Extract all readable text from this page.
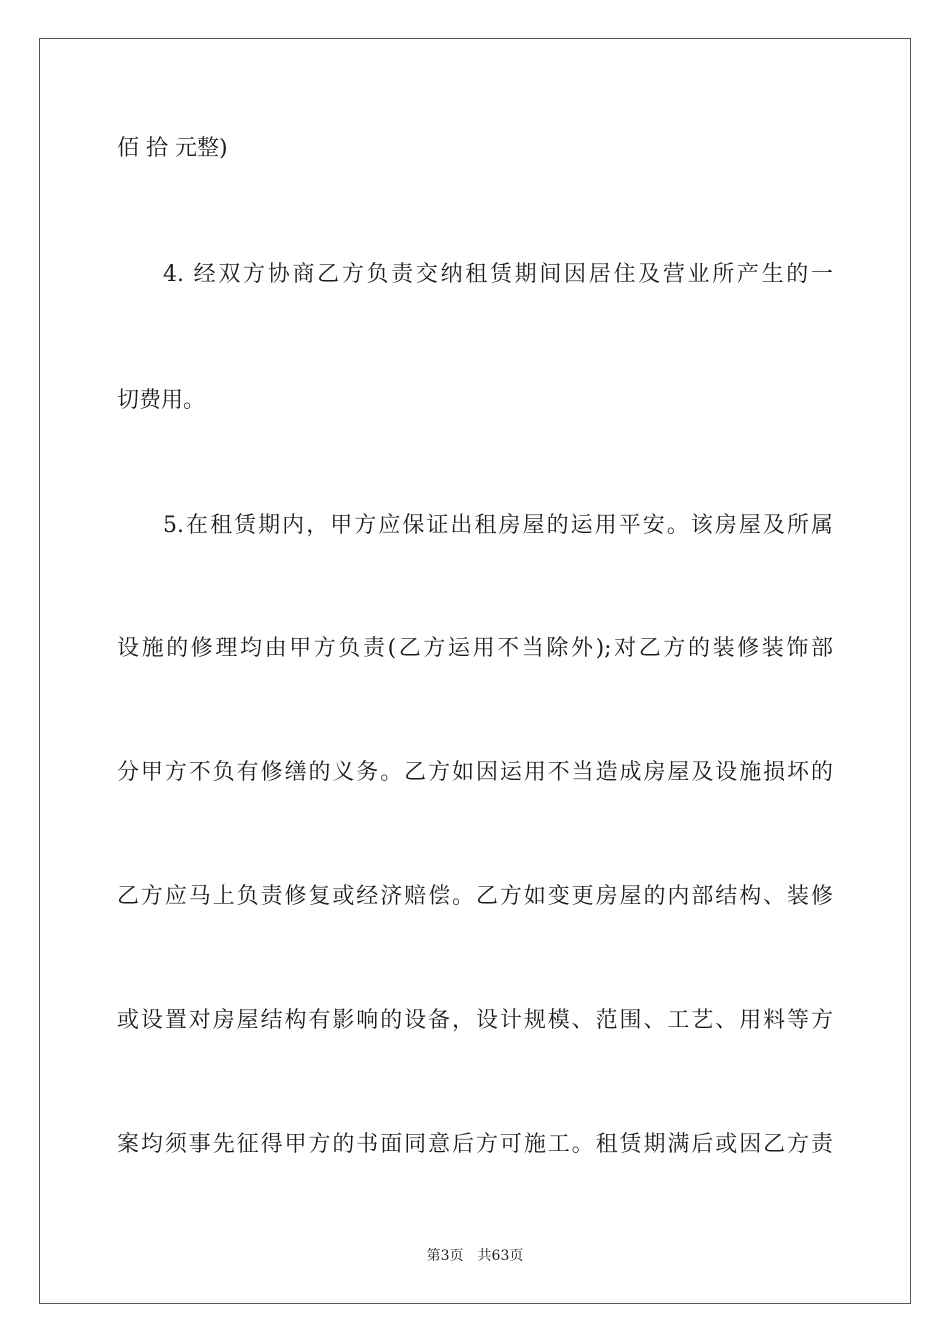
佰 拾 元整)
4. 经双方协商乙方负责交纳租赁期间因居住及营业所产生的一
切费用。
5.在租赁期内，甲方应保证出租房屋的运用平安。该房屋及所属
设施的修理均由甲方负责(乙方运用不当除外);对乙方的装修装饰部
分甲方不负有修缮的义务。乙方如因运用不当造成房屋及设施损坏的
乙方应马上负责修复或经济赔偿。乙方如变更房屋的内部结构、装修
或设置对房屋结构有影响的设备，设计规模、范围、工艺、用料等方
案均须事先征得甲方的书面同意后方可施工。租赁期满后或因乙方责
第3页 共63页
